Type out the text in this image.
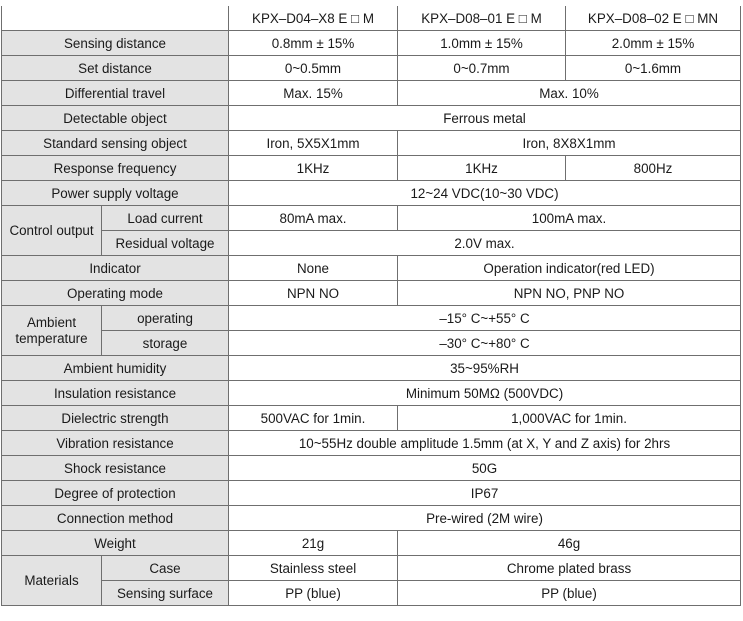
		KPX–D04–X8 E □ M	KPX–D08–01 E □ M	KPX–D08–02 E □ MN
Sensing distance		0.8mm ± 15%	1.0mm ± 15%	2.0mm ± 15%
Set distance		0~0.5mm	0~0.7mm	0~1.6mm
Differential travel		Max. 15%	Max. 10%	
Detectable object		Ferrous metal		
Standard sensing object		Iron, 5X5X1mm	Iron, 8X8X1mm	
Response frequency		1KHz	1KHz	800Hz
Power supply voltage		12~24 VDC(10~30 VDC)		
Control output	Load current	80mA max.	100mA max.	
	Residual voltage	2.0V max.		
Indicator		None	Operation indicator(red LED)	
Operating mode		NPN NO	NPN NO, PNP NO	
Ambient temperature	operating	–15° C~+55° C		
	storage	–30° C~+80° C		
Ambient humidity		35~95%RH		
Insulation resistance		Minimum 50MΩ (500VDC)		
Dielectric strength		500VAC for 1min.	1,000VAC for 1min.	
Vibration resistance		10~55Hz double amplitude 1.5mm (at X, Y and Z axis) for 2hrs		
Shock resistance		50G		
Degree of protection		IP67		
Connection method		Pre-wired (2M wire)		
Weight		21g	46g	
Materials	Case	Stainless steel	Chrome plated brass	
	Sensing surface	PP (blue)	PP (blue)	
